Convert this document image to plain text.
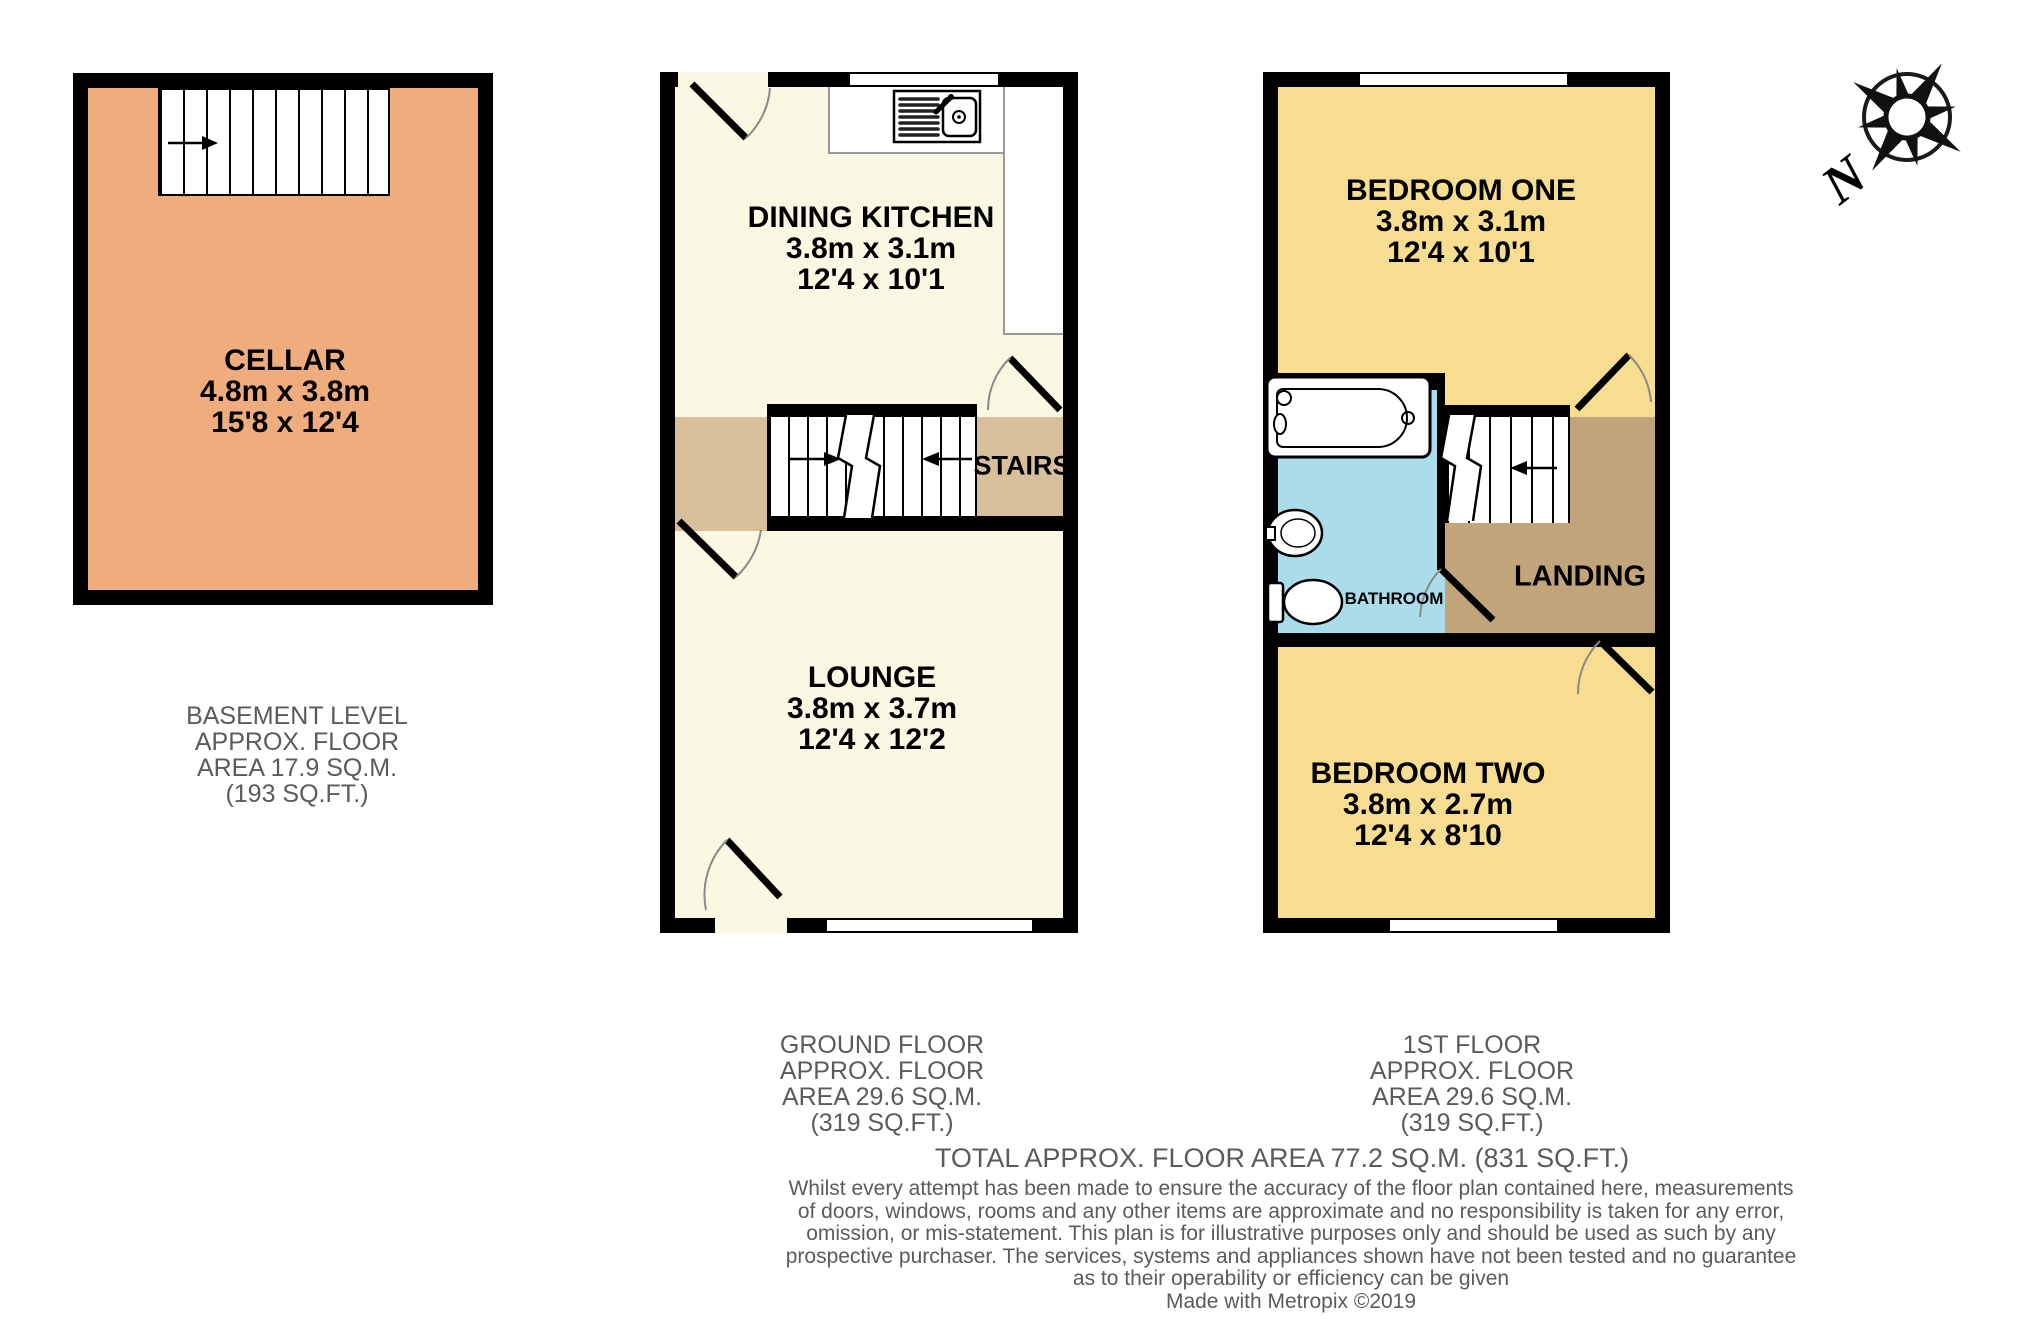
N
CELLAR
4.8m x 3.8m
15'8 x 12'4
DINING KITCHEN
3.8m x 3.1m
12'4 x 10'1
LOUNGE
3.8m x 3.7m
12'4 x 12'2
STAIRS
BEDROOM ONE
3.8m x 3.1m
12'4 x 10'1
BEDROOM TWO
3.8m x 2.7m
12'4 x 8'10
BATHROOM
LANDING
BASEMENT LEVEL
APPROX. FLOOR
AREA 17.9 SQ.M.
(193 SQ.FT.)
GROUND FLOOR
APPROX. FLOOR
AREA 29.6 SQ.M.
(319 SQ.FT.)
1ST FLOOR
APPROX. FLOOR
AREA 29.6 SQ.M.
(319 SQ.FT.)
TOTAL APPROX. FLOOR AREA 77.2 SQ.M. (831 SQ.FT.)
Whilst every attempt has been made to ensure the accuracy of the floor plan contained here, measurements
of doors, windows, rooms and any other items are approximate and no responsibility is taken for any error,
omission, or mis-statement. This plan is for illustrative purposes only and should be used as such by any
prospective purchaser. The services, systems and appliances shown have not been tested and no guarantee
as to their operability or efficiency can be given
Made with Metropix ©2019
